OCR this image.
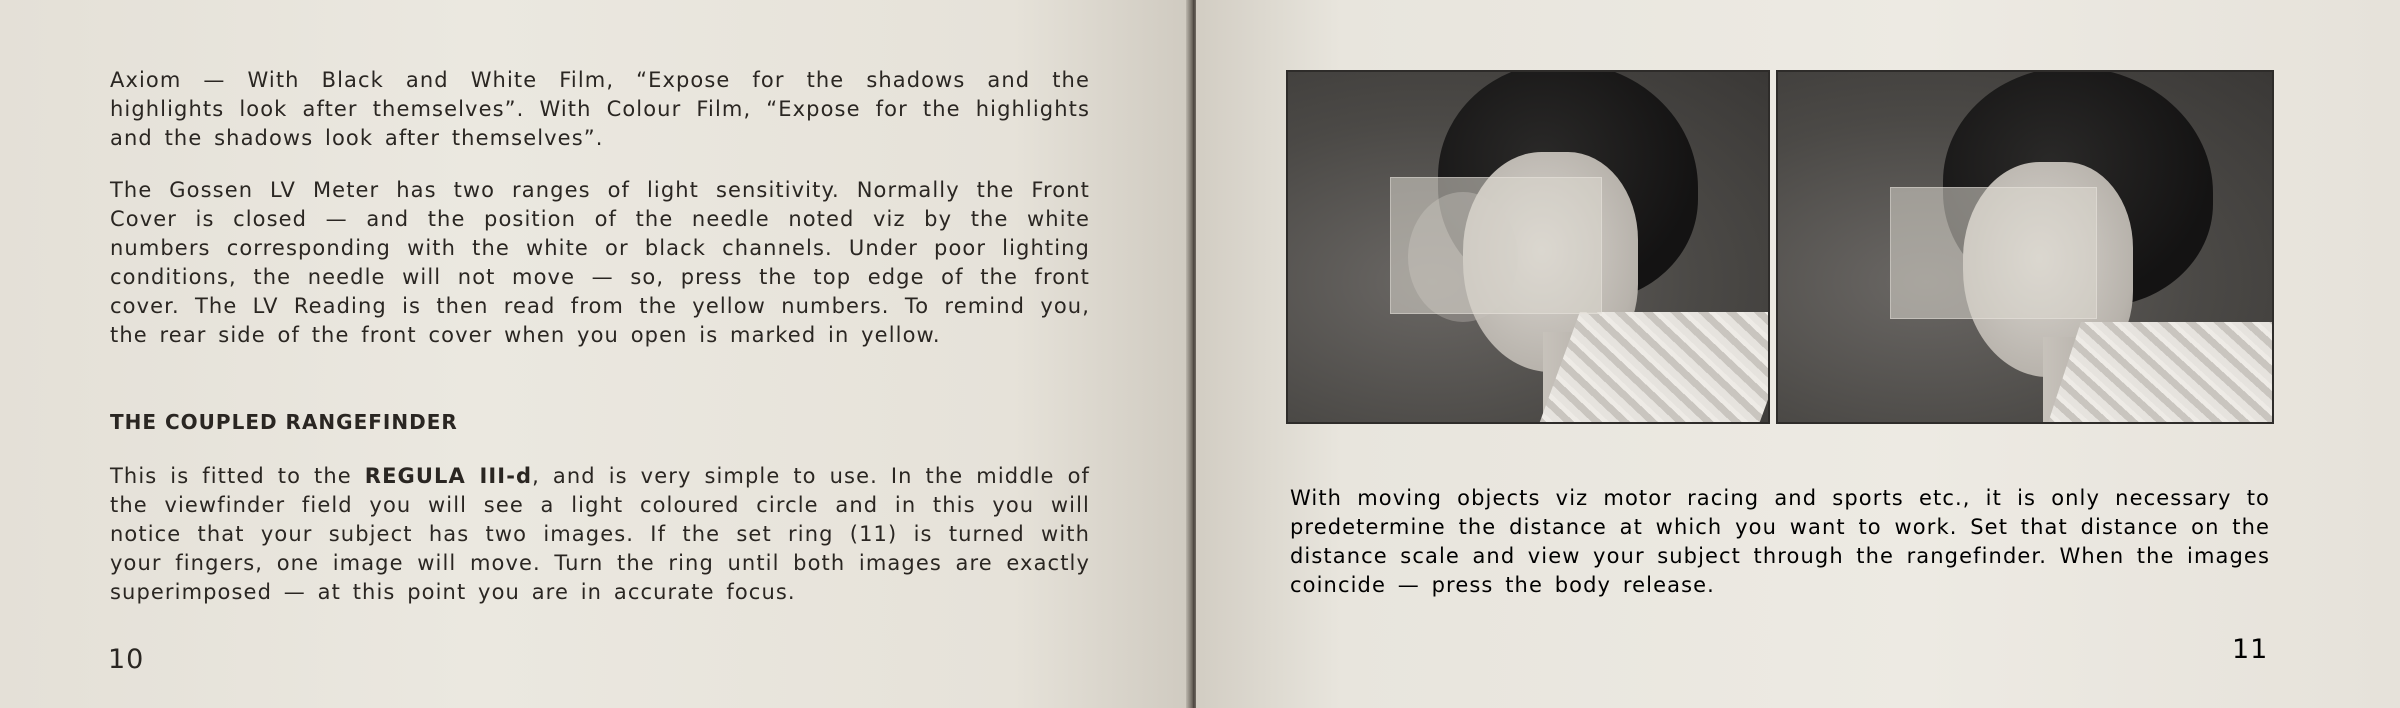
Axiom — With Black and White Film, “Expose for the shadows and the highlights look after themselves”. With Colour Film, “Expose for the highlights and the shadows look after themselves”.

The Gossen LV Meter has two ranges of light sensitivity. Normally the Front Cover is closed — and the position of the needle noted viz by the white numbers corresponding with the white or black channels. Under poor lighting conditions, the needle will not move — so, press the top edge of the front cover. The LV Reading is then read from the yellow numbers. To remind you, the rear side of the front cover when you open is marked in yellow.

THE COUPLED RANGEFINDER

This is fitted to the REGULA III-d, and is very simple to use. In the middle of the viewfinder field you will see a light coloured circle and in this you will notice that your subject has two images. If the set ring (11) is turned with your fingers, one image will move. Turn the ring until both images are exactly superimposed — at this point you are in accurate focus.

10

With moving objects viz motor racing and sports etc., it is only necessary to predetermine the distance at which you want to work. Set that distance on the distance scale and view your subject through the rangefinder. When the images coincide — press the body release.

11
